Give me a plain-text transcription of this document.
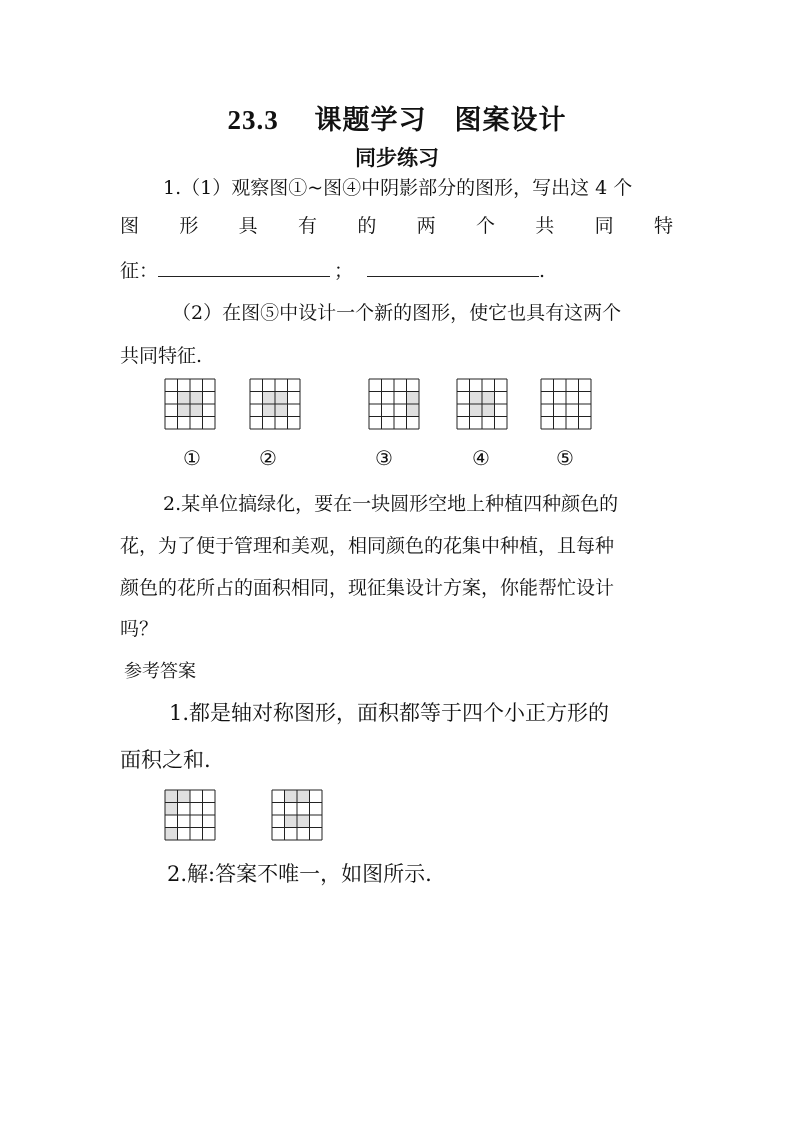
23.3　 课题学习　图案设计
同步练习
1.（1）观察图①~图④中阴影部分的图形，写出这 4 个
图 形 具 有 的 两 个 共 同 特
征：	；	.
（2）在图⑤中设计一个新的图形，使它也具有这两个
共同特征.
①	②	③	④	⑤
2.某单位搞绿化，要在一块圆形空地上种植四种颜色的
花，为了便于管理和美观，相同颜色的花集中种植，且每种
颜色的花所占的面积相同，现征集设计方案，你能帮忙设计
吗？
参考答案
1.都是轴对称图形，面积都等于四个小正方形的
面积之和.
2.解:答案不唯一，如图所示.
